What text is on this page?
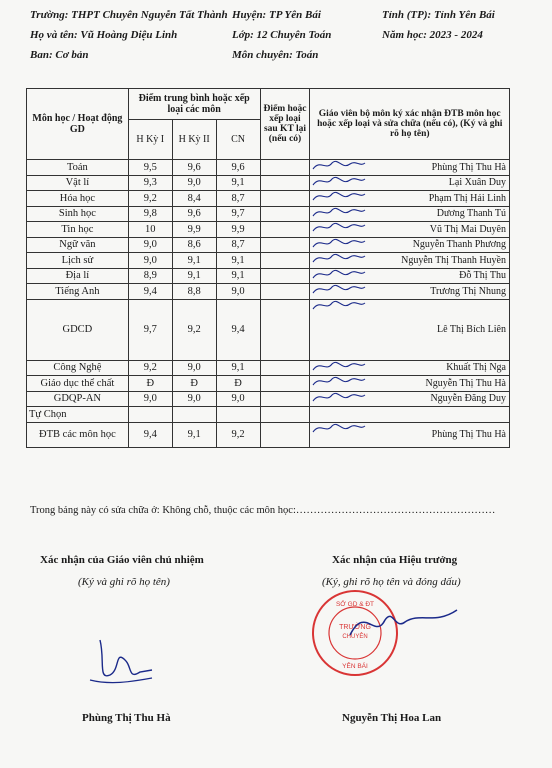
Trường: THPT Chuyên Nguyễn Tất Thành Huyện: TP Yên Bái	Tỉnh (TP): Tỉnh Yên Bái
Họ và tên: Vũ Hoàng Diệu Linh	Lớp: 12 Chuyên Toán	Năm học: 2023 - 2024
Ban: Cơ bản	Môn chuyên: Toán
Môn học / Hoạt động GD	Điểm trung bình hoặc xếp loại các môn			Điểm hoặc xếp loại sau KT lại (nếu có)	Giáo viên bộ môn ký xác nhận ĐTB môn học hoặc xếp loại và sửa chữa (nếu có), (Ký và ghi rõ họ tên)
	H Kỳ I	H Kỳ II	CN		
Toán	9,5	9,6	9,6		Phùng Thị Thu Hà
Vật lí	9,3	9,0	9,1		Lại Xuân Duy
Hóa học	9,2	8,4	8,7		Phạm Thị Hải Linh
Sinh học	9,8	9,6	9,7		Dương Thanh Tú
Tin học	10	9,9	9,9		Vũ Thị Mai Duyên
Ngữ văn	9,0	8,6	8,7		Nguyễn Thanh Phương
Lịch sử	9,0	9,1	9,1		Nguyễn Thị Thanh Huyền
Địa lí	8,9	9,1	9,1		Đỗ Thị Thu
Tiếng Anh	9,4	8,8	9,0		Trương Thị Nhung
GDCD	9,7	9,2	9,4		Lê Thị Bích Liên
Công Nghệ	9,2	9,0	9,1		Khuất Thị Nga
Giáo dục thể chất	Đ	Đ	Đ		Nguyễn Thị Thu Hà
GDQP-AN	9,0	9,0	9,0		Nguyễn Đăng Duy
Tự Chọn					
ĐTB các môn học	9,4	9,1	9,2		Phùng Thị Thu Hà
Trong bảng này có sửa chữa ở: Không chỗ, thuộc các môn học:…………………………………………………
Xác nhận của Giáo viên chủ nhiệm
(Ký và ghi rõ họ tên)
Xác nhận của Hiệu trưởng
(Ký, ghi rõ họ tên và đóng dấu)
TRƯỜNG
CHUYÊN
SỞ GD & ĐT
YÊN BÁI
Phùng Thị Thu Hà	Nguyễn Thị Hoa Lan
